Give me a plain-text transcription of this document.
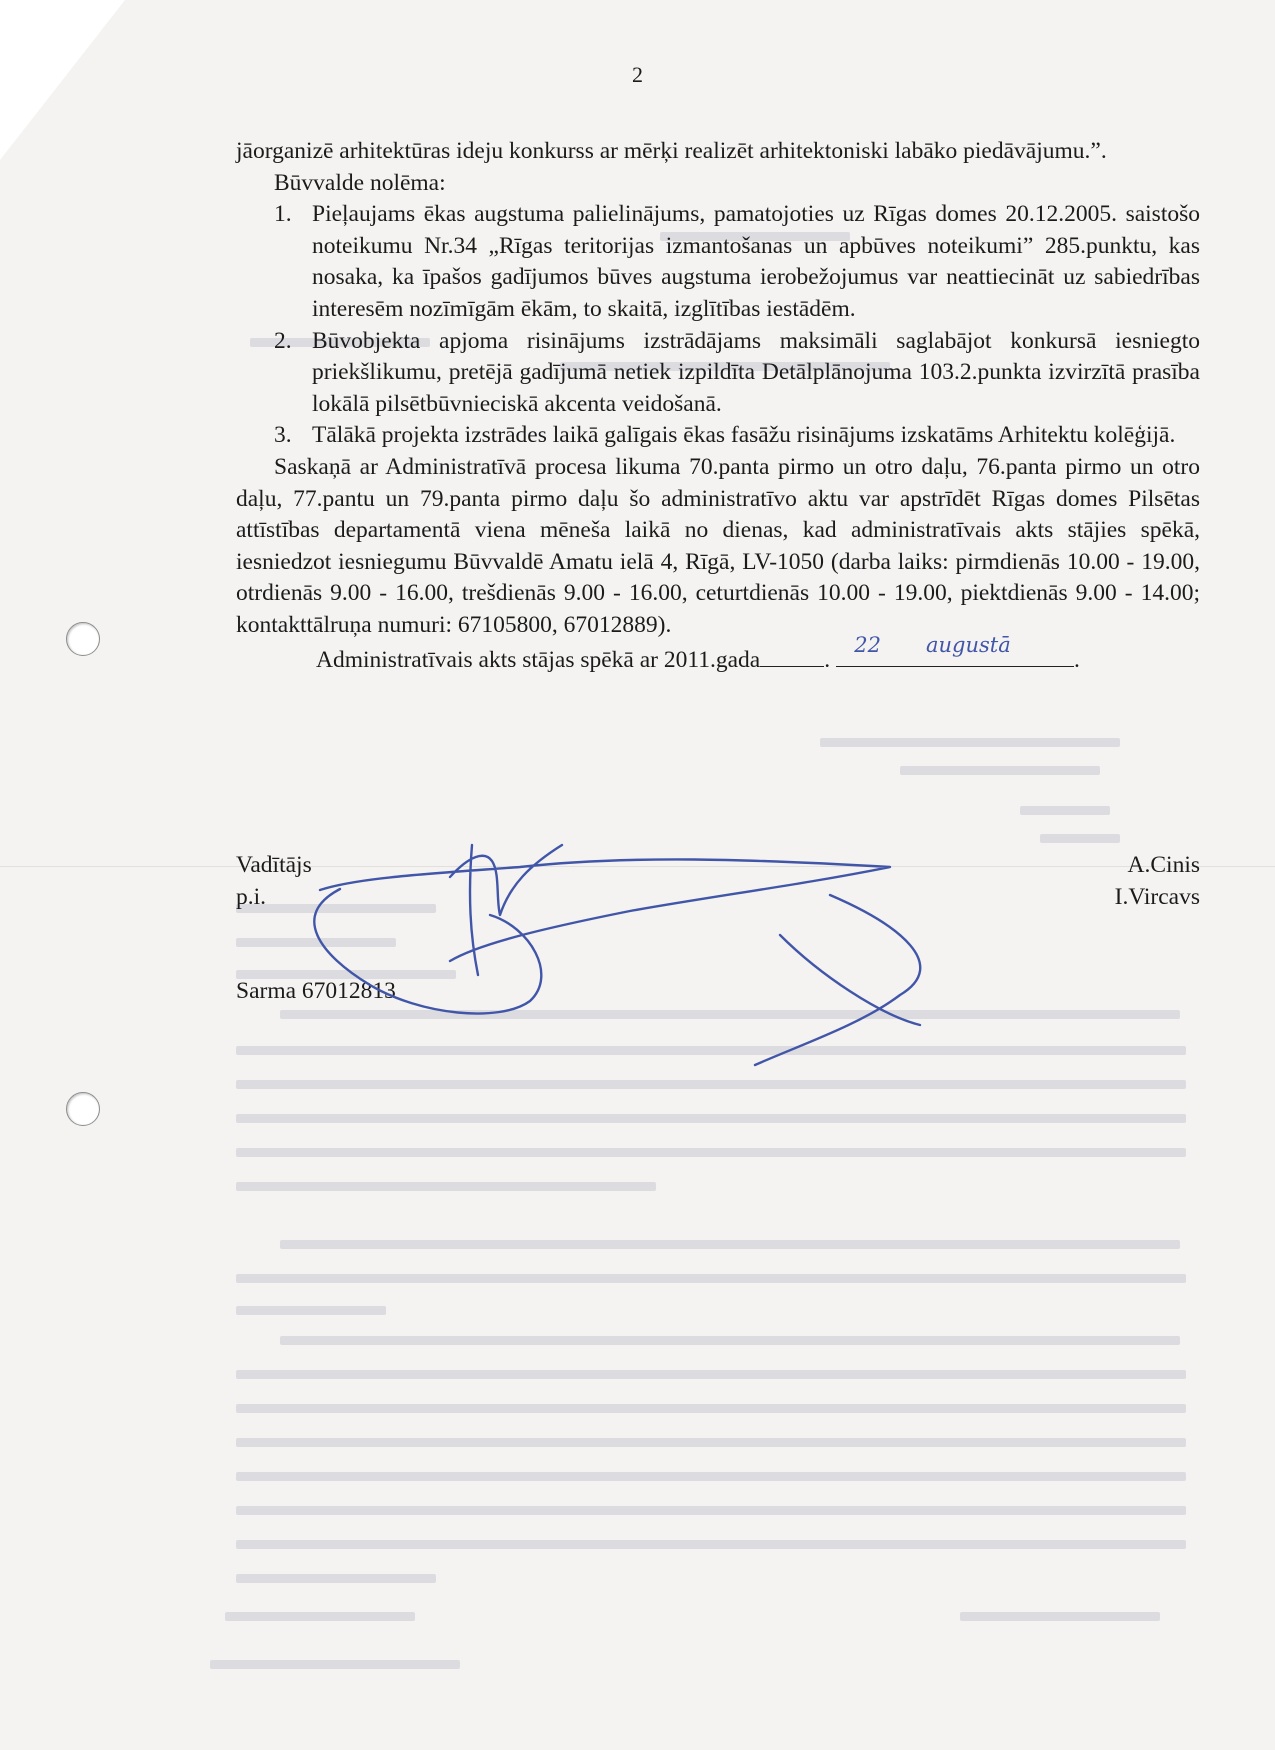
2

jāorganizē arhitektūras ideju konkurss ar mērķi realizēt arhitektoniski labāko piedāvājumu.”.

Būvvalde nolēma:

1. Pieļaujams ēkas augstuma palielinājums, pamatojoties uz Rīgas domes 20.12.2005. saistošo noteikumu Nr.34 „Rīgas teritorijas izmantošanas un apbūves noteikumi” 285.punktu, kas nosaka, ka īpašos gadījumos būves augstuma ierobežojumus var neattiecināt uz sabiedrības interesēm nozīmīgām ēkām, to skaitā, izglītības iestādēm.
2. Būvobjekta apjoma risinājums izstrādājams maksimāli saglabājot konkursā iesniegto priekšlikumu, pretējā gadījumā netiek izpildīta Detālplānojuma 103.2.punkta izvirzītā prasība lokālā pilsētbūvnieciskā akcenta veidošanā.
3. Tālākā projekta izstrādes laikā galīgais ēkas fasāžu risinājums izskatāms Arhitektu kolēģijā.

Saskaņā ar Administratīvā procesa likuma 70.panta pirmo un otro daļu, 76.panta pirmo un otro daļu, 77.pantu un 79.panta pirmo daļu šo administratīvo aktu var apstrīdēt Rīgas domes Pilsētas attīstības departamentā viena mēneša laikā no dienas, kad administratīvais akts stājies spēkā, iesniedzot iesniegumu Būvvaldē Amatu ielā 4, Rīgā, LV-1050 (darba laiks: pirmdienās 10.00 - 19.00, otrdienās 9.00 - 16.00, trešdienās 9.00 - 16.00, ceturtdienās 10.00 - 19.00, piektdienās 9.00 - 14.00; kontakttālruņa numuri: 67105800, 67012889).

Administratīvais akts stājas spēkā ar 2011.gada
22
.
augustā
.

Vadītājs	A.Cinis
p.i.	I.Vircavs
Sarma 67012813
